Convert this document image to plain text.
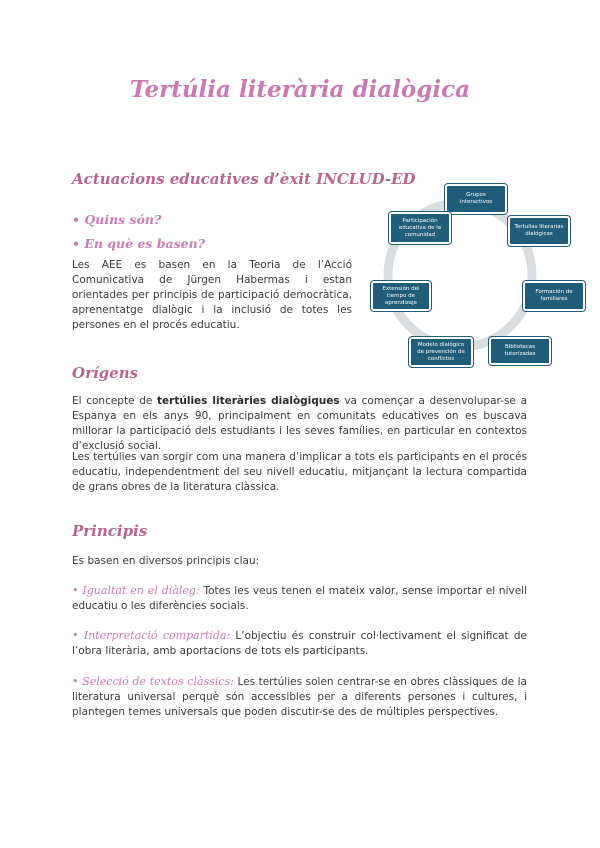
Tertúlia literària dialògica
Actuacions educatives d’èxit INCLUD-ED

• Quins són?

• En què es basen?

Les AEE es basen en la Teoria de l’Acció Comunicativa de Jürgen Habermas i estan orientades per principis de participació democràtica, aprenentatge dialògic i la inclusió de totes les persones en el procés educatiu.

Grupos interactivos
Tertulias literarias dialógicas
Formación de familiares
Bibliotecas tutorizadas
Modelo dialógico de prevención de conflictos
Extensión del tiempo de aprendizaje
Participación educativa de la comunidad
Orígens

El concepte de tertúlies literàries dialògiques va començar a desenvolupar-se a Espanya en els anys 90, principalment en comunitats educatives on es buscava millorar la participació dels estudiants i les seves famílies, en particular en contextos d’exclusió social.

Les tertúlies van sorgir com una manera d’implicar a tots els participants en el procés educatiu, independentment del seu nivell educatiu, mitjançant la lectura compartida de grans obres de la literatura clàssica.

Principis

Es basen en diversos principis clau:

• Igualtat en el diàleg: Totes les veus tenen el mateix valor, sense importar el nivell educatiu o les diferències socials.

• Interpretació compartida: L’objectiu és construir col·lectivament el significat de l’obra literària, amb aportacions de tots els participants.

• Selecció de textos clàssics: Les tertúlies solen centrar-se en obres clàssiques de la literatura universal perquè són accessibles per a diferents persones i cultures, i plantegen temes universals que poden discutir-se des de múltiples perspectives.
